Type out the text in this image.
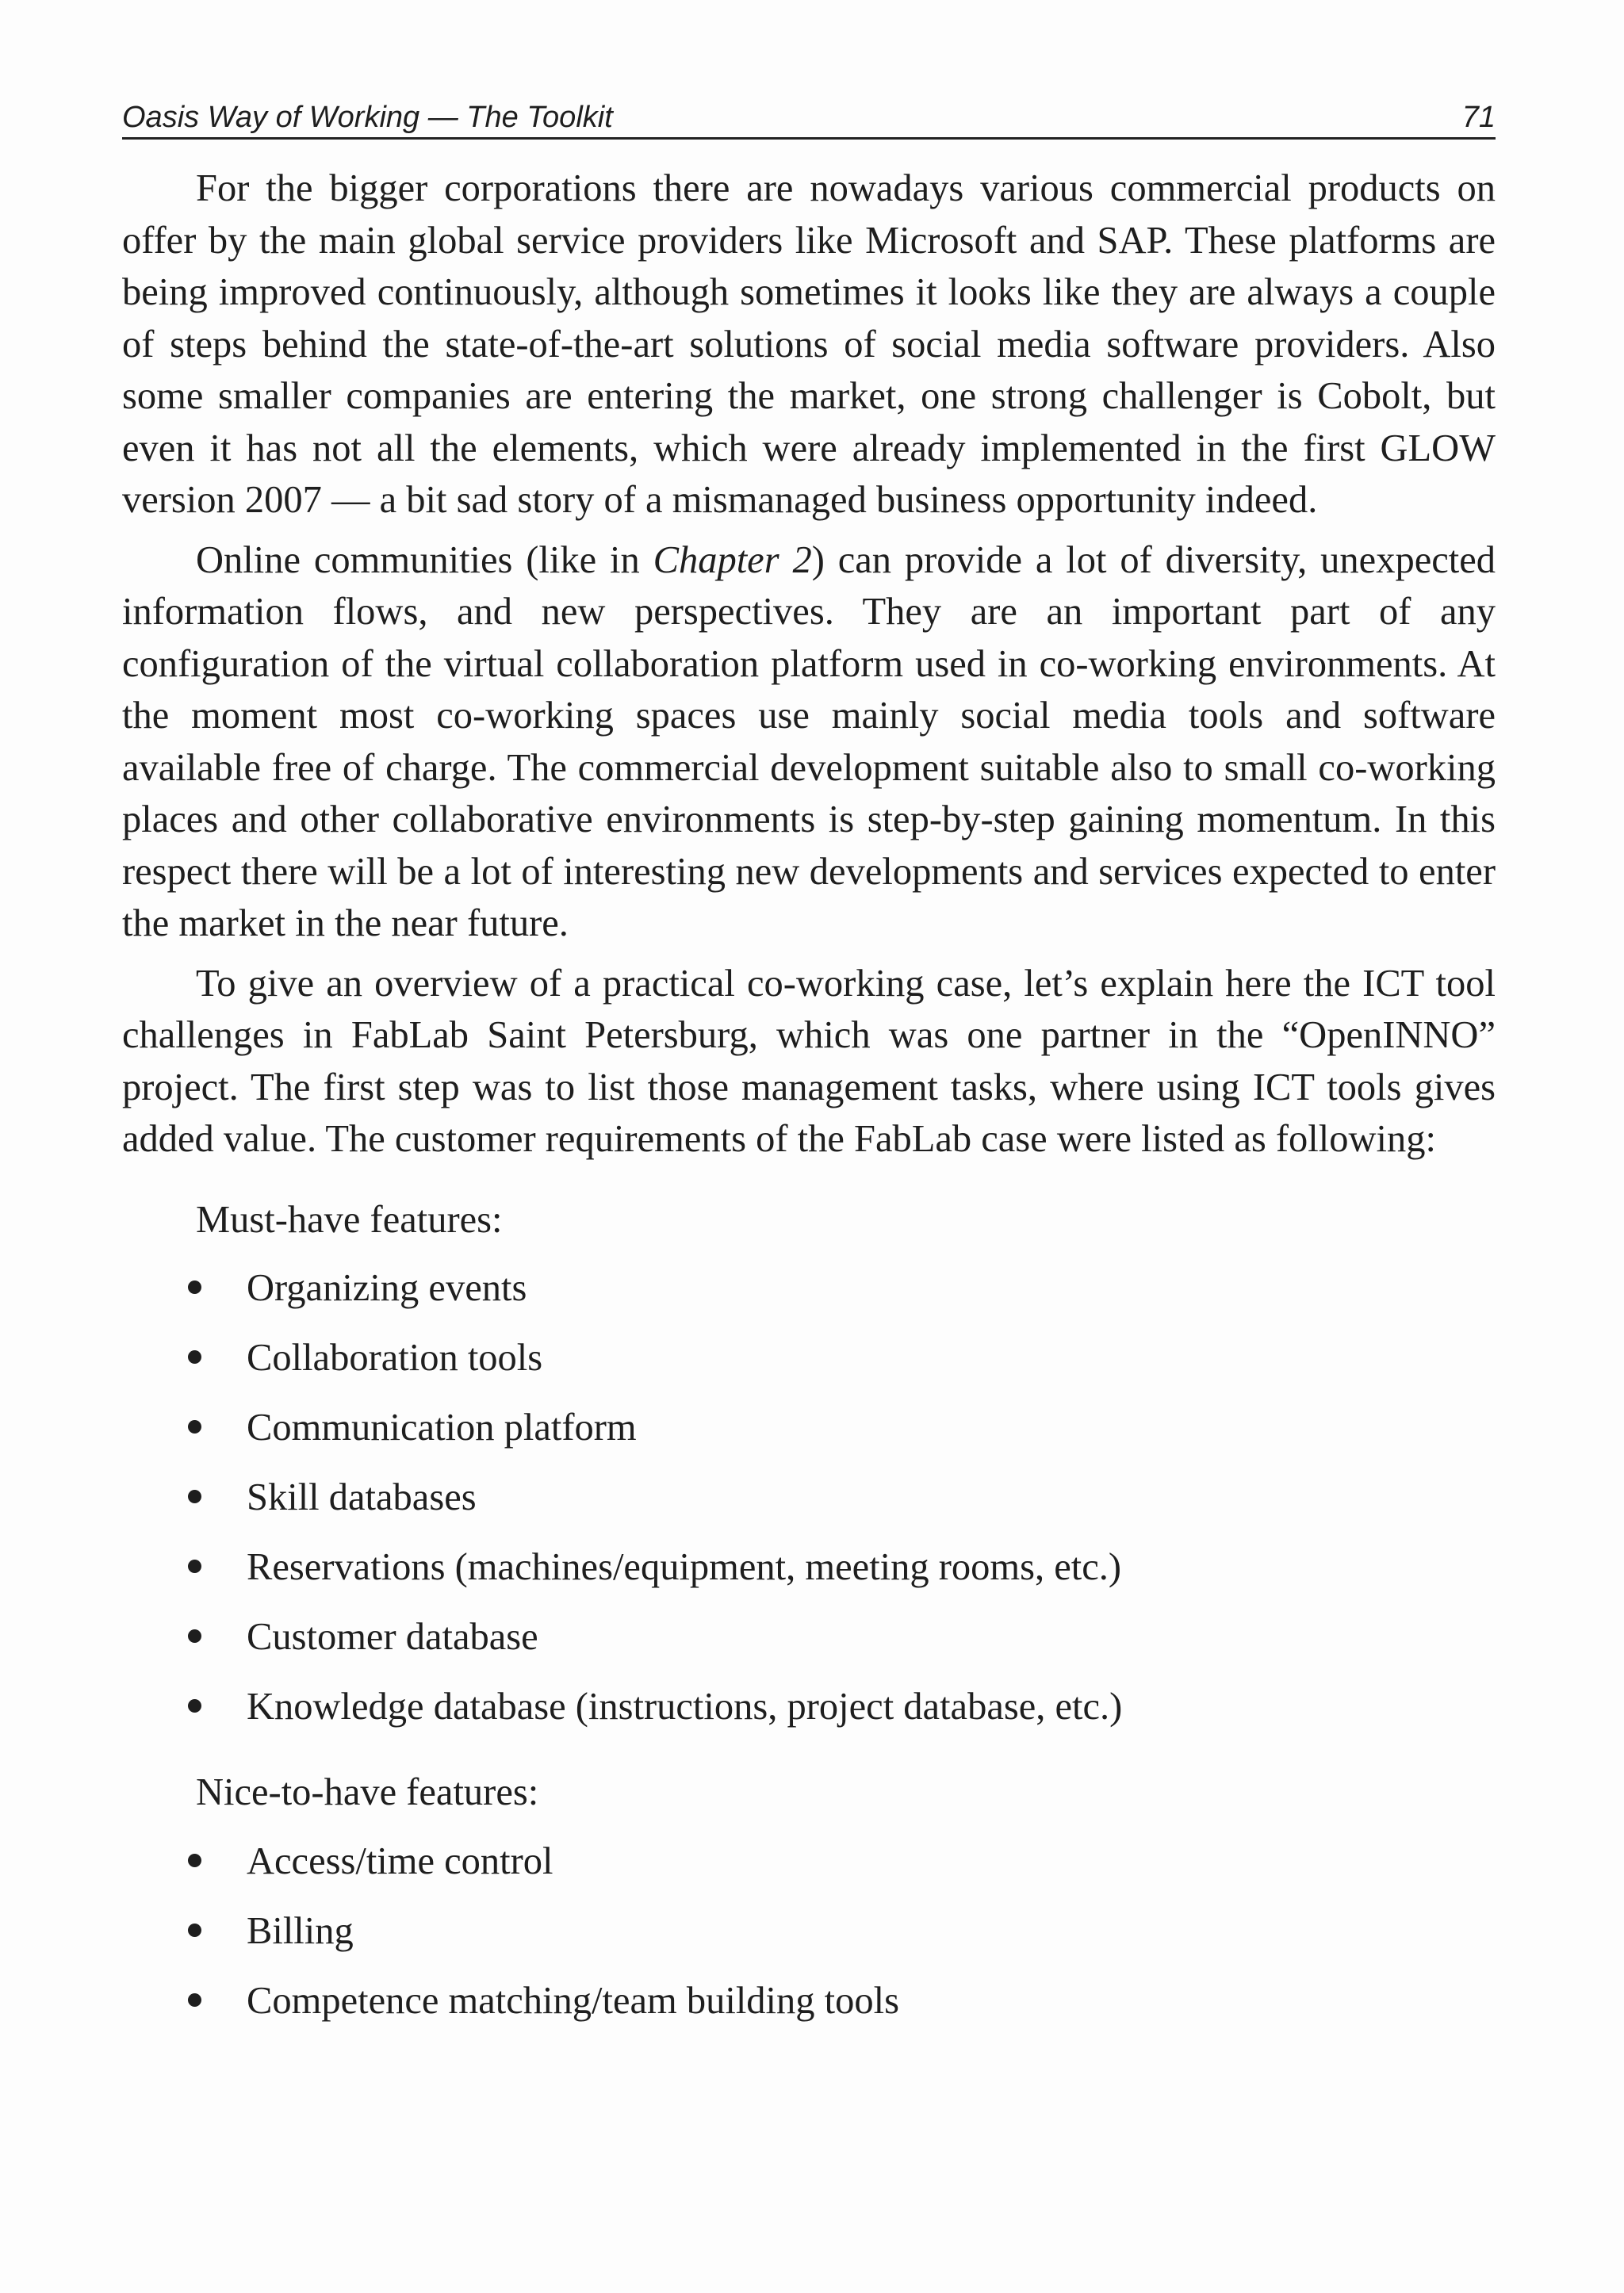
Oasis Way of Working — The Toolkit	71

For the bigger corporations there are nowadays various commercial products on offer by the main global service providers like Microsoft and SAP. These platforms are being improved continuously, although sometimes it looks like they are always a couple of steps behind the state-of-the-art solutions of social media software providers. Also some smaller companies are entering the market, one strong challenger is Cobolt, but even it has not all the elements, which were already implemented in the first GLOW version 2007 — a bit sad story of a mismanaged business opportunity indeed.

Online communities (like in Chapter 2) can provide a lot of diversity, unexpected information flows, and new perspectives. They are an important part of any configuration of the virtual collaboration platform used in co-working environments. At the moment most co-working spaces use mainly social media tools and software available free of charge. The commercial development suitable also to small co-working places and other collaborative environments is step-by-step gaining momentum. In this respect there will be a lot of interesting new developments and services expected to enter the market in the near future.

To give an overview of a practical co-working case, let’s explain here the ICT tool challenges in FabLab Saint Petersburg, which was one partner in the “OpenINNO” project. The first step was to list those management tasks, where using ICT tools gives added value. The customer requirements of the FabLab case were listed as following:

Must-have features:

Organizing events
Collaboration tools
Communication platform
Skill databases
Reservations (machines/equipment, meeting rooms, etc.)
Customer database
Knowledge database (instructions, project database, etc.)

Nice-to-have features:

Access/time control
Billing
Competence matching/team building tools
